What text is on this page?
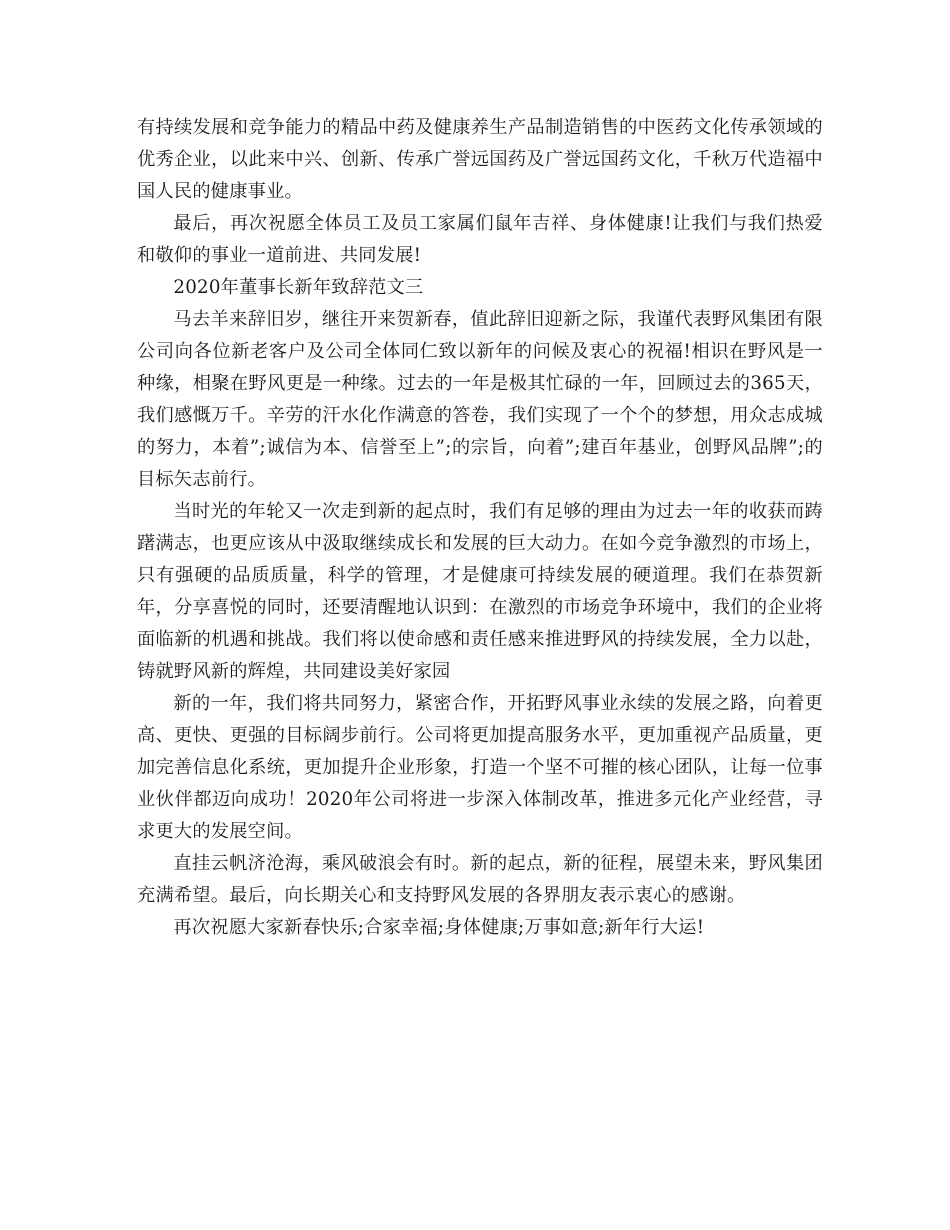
有持续发展和竞争能力的精品中药及健康养生产品制造销售的中医药文化传承领域的优秀企业，以此来中兴、创新、传承广誉远国药及广誉远国药文化，千秋万代造福中国人民的健康事业。

最后，再次祝愿全体员工及员工家属们鼠年吉祥、身体健康!让我们与我们热爱和敬仰的事业一道前进、共同发展!

2020年董事长新年致辞范文三

马去羊来辞旧岁，继往开来贺新春，值此辞旧迎新之际，我谨代表野风集团有限公司向各位新老客户及公司全体同仁致以新年的问候及衷心的祝福!相识在野风是一种缘，相聚在野风更是一种缘。过去的一年是极其忙碌的一年，回顾过去的365天，我们感慨万千。辛劳的汗水化作满意的答卷，我们实现了一个个的梦想，用众志成城的努力，本着”;诚信为本、信誉至上”;的宗旨，向着”;建百年基业，创野风品牌”;的目标矢志前行。

当时光的年轮又一次走到新的起点时，我们有足够的理由为过去一年的收获而踌躇满志，也更应该从中汲取继续成长和发展的巨大动力。在如今竞争激烈的市场上，只有强硬的品质质量，科学的管理，才是健康可持续发展的硬道理。我们在恭贺新年，分享喜悦的同时，还要清醒地认识到：在激烈的市场竞争环境中，我们的企业将面临新的机遇和挑战。我们将以使命感和责任感来推进野风的持续发展，全力以赴，铸就野风新的辉煌，共同建设美好家园

新的一年，我们将共同努力，紧密合作，开拓野风事业永续的发展之路，向着更高、更快、更强的目标阔步前行。公司将更加提高服务水平，更加重视产品质量，更加完善信息化系统，更加提升企业形象，打造一个坚不可摧的核心团队，让每一位事业伙伴都迈向成功！2020年公司将进一步深入体制改革，推进多元化产业经营，寻求更大的发展空间。

直挂云帆济沧海，乘风破浪会有时。新的起点，新的征程，展望未来，野风集团充满希望。最后，向长期关心和支持野风发展的各界朋友表示衷心的感谢。

再次祝愿大家新春快乐;合家幸福;身体健康;万事如意;新年行大运!
